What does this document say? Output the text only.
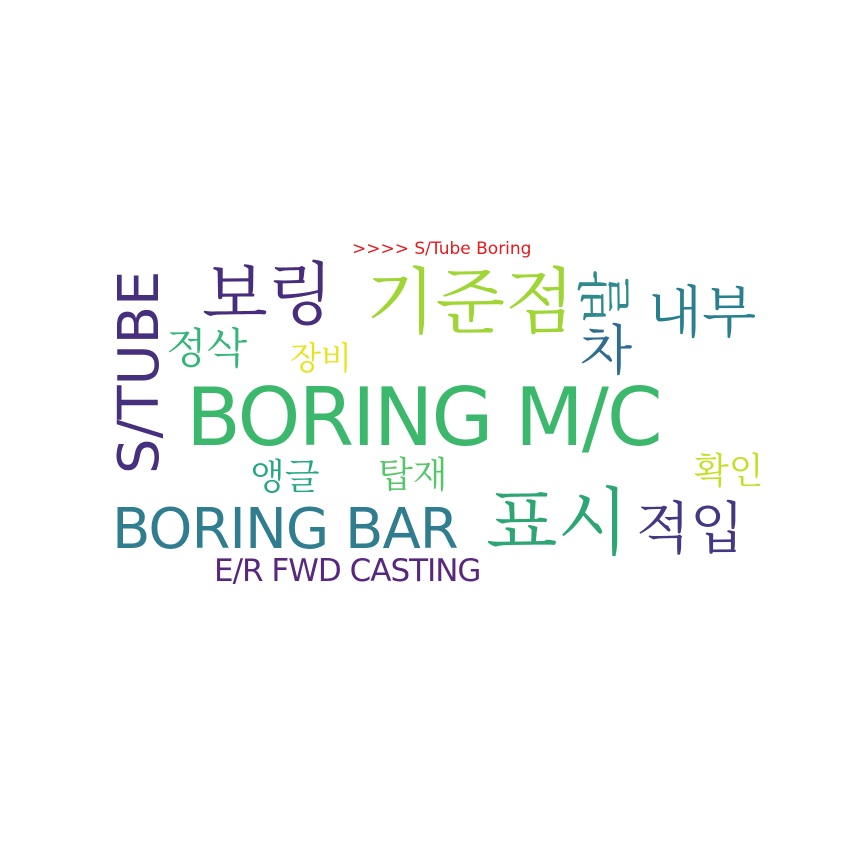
>>>> S/Tube Boring
BORING M/C
기준점
보링
BORING BAR 표시 적입
E/R FWD CASTING
내부
정삭 장비
앵글 탑재	확인
S/TUBE	발
차
